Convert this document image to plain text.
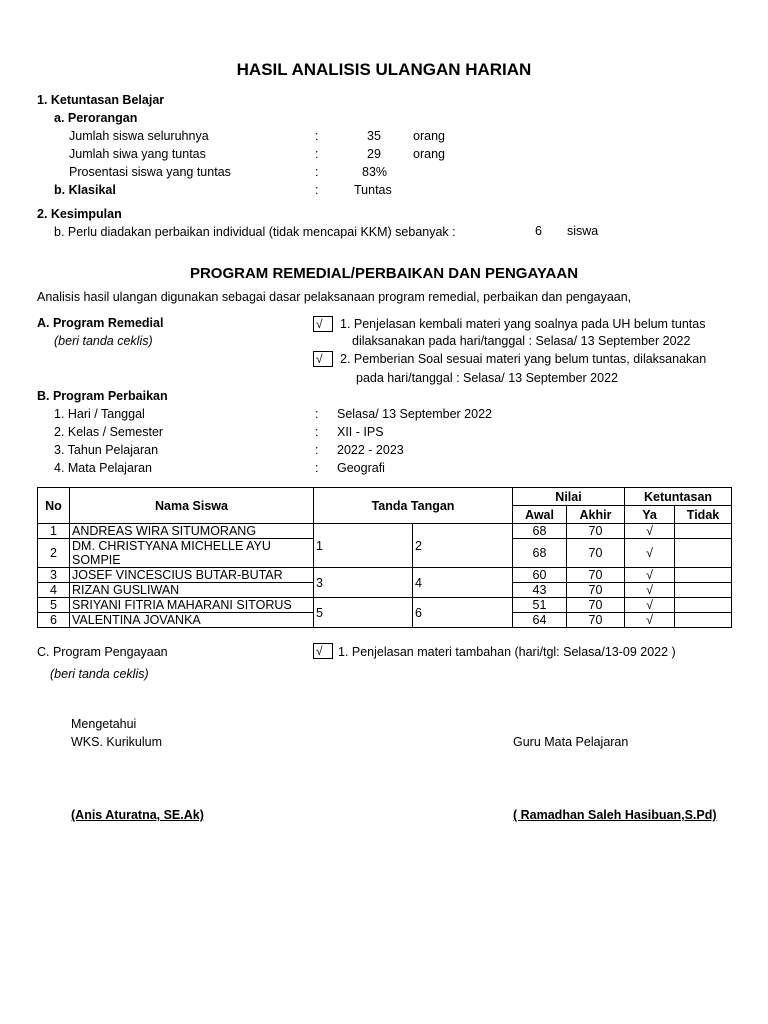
HASIL ANALISIS ULANGAN HARIAN
1. Ketuntasan Belajar
a. Perorangan
Jumlah siswa seluruhnya	:	35	orang
Jumlah siwa yang tuntas	:	29	orang
Prosentasi siswa yang tuntas	:	83%
b. Klasikal	:	Tuntas
2. Kesimpulan
b. Perlu diadakan perbaikan individual (tidak mencapai KKM) sebanyak :	6 siswa
PROGRAM REMEDIAL/PERBAIKAN DAN PENGAYAAN
Analisis hasil ulangan digunakan sebagai dasar pelaksanaan program remedial, perbaikan dan pengayaan,
A. Program Remedial
(beri tanda ceklis)
√	1. Penjelasan kembali materi yang soalnya pada UH belum tuntas
dilaksanakan pada hari/tanggal : Selasa/ 13 September 2022
√	2. Pemberian Soal sesuai materi yang belum tuntas, dilaksanakan
pada hari/tanggal : Selasa/ 13 September 2022
B. Program Perbaikan
1. Hari / Tanggal	: Selasa/ 13 September 2022
2. Kelas / Semester	: XII - IPS
3. Tahun Pelajaran	: 2022 - 2023
4. Mata Pelajaran	: Geografi
No	Nama Siswa	Tanda Tangan		Nilai		Ketuntasan	
				Awal	Akhir	Ya	Tidak
1	ANDREAS WIRA SITUMORANG	1	2	68	70	√	
2	DM. CHRISTYANA MICHELLE AYU SOMPIE			68	70	√	
3	JOSEF VINCESCIUS BUTAR-BUTAR	3	4	60	70	√	
4	RIZAN GUSLIWAN			43	70	√	
5	SRIYANI FITRIA MAHARANI SITORUS	5	6	51	70	√	
6	VALENTINA JOVANKA			64	70	√	
C. Program Pengayaan	√	1. Penjelasan materi tambahan (hari/tgl: Selasa/13-09 2022 )
(beri tanda ceklis)
Mengetahui
WKS. Kurikulum	Guru Mata Pelajaran
(Anis Aturatna, SE.Ak)	( Ramadhan Saleh Hasibuan,S.Pd)
